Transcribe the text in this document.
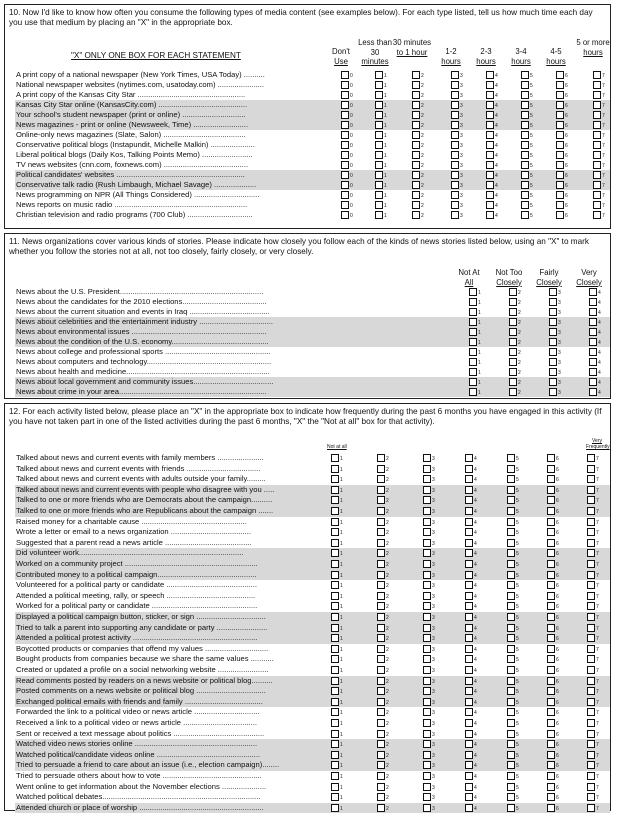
10. Now I'd like to know how often you consume the following types of media content (see examples below). For each type listed, tell us how much time each day you use that medium by placing an "X" in the appropriate box.
"X" ONLY ONE BOX FOR EACH STATEMENT	Don't
Use
Less than 30
minutes
30 minutes
to 1 hour	1-2
hours
2-3
hours
3-4
hours
4-5
hours
5 or more
hours
A print copy of a national newspaper (New York Times, USA Today) ..........	0	1	2	3	4	5	6	7
National newspaper websites (nytimes.com, usatoday.com) ......................	0	1	2	3	4	5	6	7
A print copy of the Kansas City Star ...................................................	0	1	2	3	4	5	6	7
Kansas City Star online (KansasCity.com) ..........................................	0	1	2	3	4	5	6	7
Your school's student newspaper (print or online) ..............................	0	1	2	3	4	5	6	7
News magazines - print or online (Newsweek, Time) ..........................	0	1	2	3	4	5	6	7
Online-only news magazines (Slate, Salon) .......................................	0	1	2	3	4	5	6	7
Conservative political blogs (Instapundit, Michelle Malkin) .....................	0	1	2	3	4	5	6	7
Liberal political blogs (Daily Kos, Talking Points Memo) ........................	0	1	2	3	4	5	6	7
TV news websites (cnn.com, foxnews.com) ........................................	0	1	2	3	4	5	6	7
Political candidates' websites .............................................................	0	1	2	3	4	5	6	7
Conservative talk radio (Rush Limbaugh, Michael Savage) ....................	0	1	2	3	4	5	6	7
News programming on NPR (All Things Considered) ...............................	0	1	2	3	4	5	6	7
News reports on music radio ...............................................................	0	1	2	3	4	5	6	7
Christian television and radio programs (700 Club) ...............................	0	1	2	3	4	5	6	7
11. News organizations cover various kinds of stories. Please indicate how closely you follow each of the kinds of news stories listed below, using an "X" to mark whether you follow the stories not at all, not too closely, fairly closely, or very closely.
Not At
All
Not Too
Closely
Fairly
Closely
Very
Closely
News about the U.S. President....................................................................	1	2	3	4
News about the candidates for the 2010 elections........................................	1	2	3	4
News about the current situation and events in Iraq ......................................	1	2	3	4
News about celebrities and the entertainment industry ...................................	1	2	3	4
News about environmental issues ................................................................	1	2	3	4
News about the condition of the U.S. economy..............................................	1	2	3	4
News about college and professional sports ..................................................	1	2	3	4
News about computers and technology...........................................................	1	2	3	4
News about health and medicine....................................................................	1	2	3	4
News about local government and community issues......................................	1	2	3	4
News about crime in your area......................................................................	1	2	3	4
12. For each activity listed below, please place an "X" in the appropriate box to indicate how frequently during the past 6 months you have engaged in this activity (If you have not taken part in one of the listed activities during the past 6 months, "X" the "Not at all" box for that activity).
Not at all
Very Frequently
Talked about news and current events with family members ......................	1	2	3	4	5	6	7
Talked about news and current events with friends ...................................	1	2	3	4	5	6	7
Talked about news and current events with adults outside your family.........	1	2	3	4	5	6	7
Talked about news and current events with people who disagree with you .....	1	2	3	4	5	6	7
Talked to one or more friends who are Democrats about the campaign..........	1	2	3	4	5	6	7
Talked to one or more friends who are Republicans about the campaign .......	1	2	3	4	5	6	7
Raised money for a charitable cause ..................................................	1	2	3	4	5	6	7
Wrote a letter or email to a news organization ......................................	1	2	3	4	5	6	7
Suggested that a parent read a news article .........................................	1	2	3	4	5	6	7
Did volunteer work..............................................................................	1	2	3	4	5	6	7
Worked on a community project ...............................................................	1	2	3	4	5	6	7
Contributed money to a political campaign...............................................	1	2	3	4	5	6	7
Volunteered for a political party or candidate ...........................................	1	2	3	4	5	6	7
Attended a political meeting, rally, or speech ..........................................	1	2	3	4	5	6	7
Worked for a political party or candidate ..................................................	1	2	3	4	5	6	7
Displayed a political campaign button, sticker, or sign .................................	1	2	3	4	5	6	7
Tried to talk a parent into supporting any candidate or party ........................	1	2	3	4	5	6	7
Attended a political protest activity ...........................................................	1	2	3	4	5	6	7
Boycotted products or companies that offend my values ..............................	1	2	3	4	5	6	7
Bought products from companies because we share the same values ...........	1	2	3	4	5	6	7
Created or updated a profile on a social networking website ........................	1	2	3	4	5	6	7
Read comments posted by readers on a news website or political blog..........	1	2	3	4	5	6	7
Posted comments on a news website or political blog .................................	1	2	3	4	5	6	7
Exchanged political emails with friends and family .....................................	1	2	3	4	5	6	7
Forwarded the link to a political video or news article ...............................	1	2	3	4	5	6	7
Received a link to a political video or news article ...................................	1	2	3	4	5	6	7
Sent or received a text message about politics ...........................................	1	2	3	4	5	6	7
Watched video news stories online ..........................................................	1	2	3	4	5	6	7
Watched political/candidate videos online .................................................	1	2	3	4	5	6	7
Tried to persuade a friend to care about an issue (i.e., election campaign)........	1	2	3	4	5	6	7
Tried to persuade others about how to vote ...............................................	1	2	3	4	5	6	7
Went online to get information about the November elections .....................	1	2	3	4	5	6	7
Watched political debates...........................................................................	1	2	3	4	5	6	7
Attended church or place of worship ...........................................................	1	2	3	4	5	6	7
